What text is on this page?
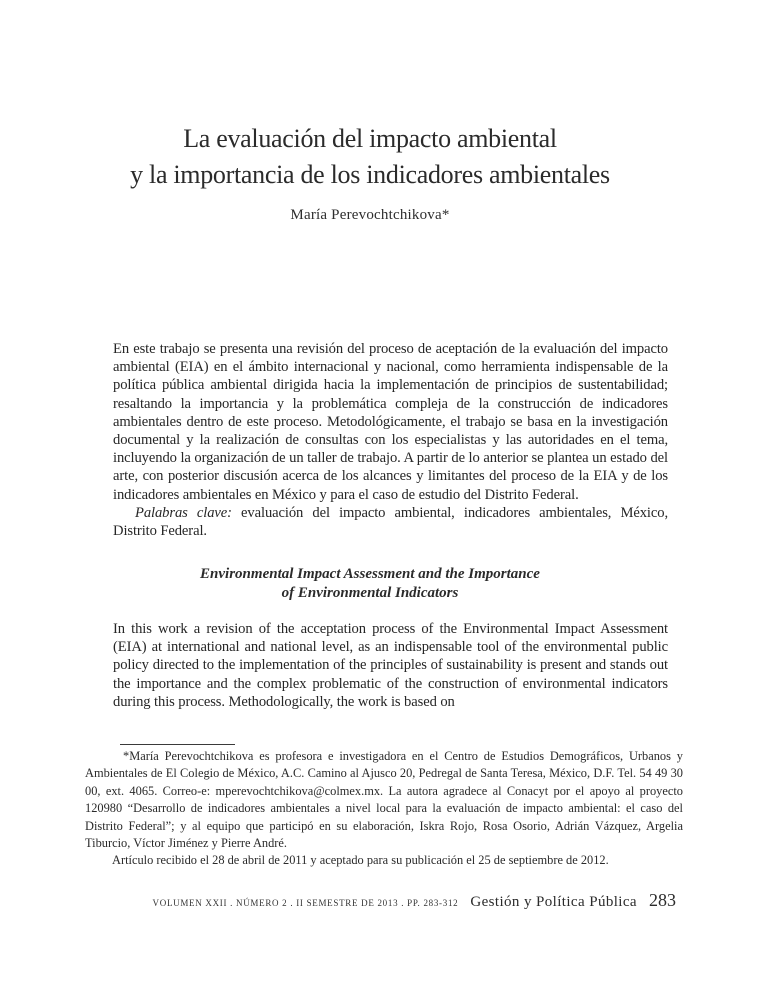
La evaluación del impacto ambiental
y la importancia de los indicadores ambientales
María Perevochtchikova*

En este trabajo se presenta una revisión del proceso de aceptación de la evaluación del impacto ambiental (EIA) en el ámbito internacional y nacional, como herramienta indispensable de la política pública ambiental dirigida hacia la implementación de principios de sustentabilidad; resaltando la importancia y la problemática compleja de la construcción de indicadores ambientales dentro de este proceso. Metodológicamente, el trabajo se basa en la investigación documental y la realización de consultas con los especialistas y las autoridades en el tema, incluyendo la organización de un taller de trabajo. A partir de lo anterior se plantea un estado del arte, con posterior discusión acerca de los alcances y limitantes del proceso de la EIA y de los indicadores ambientales en México y para el caso de estudio del Distrito Federal.

Palabras clave: evaluación del impacto ambiental, indicadores ambientales, México, Distrito Federal.

Environmental Impact Assessment and the Importance
of Environmental Indicators

In this work a revision of the acceptation process of the Environmental Impact Assessment (EIA) at international and national level, as an indispensable tool of the environmental public policy directed to the implementation of the principles of sustainability is present and stands out the importance and the complex problematic of the construction of environmental indicators during this process. Methodologically, the work is based on

*María Perevochtchikova es profesora e investigadora en el Centro de Estudios Demográficos, Urbanos y Ambientales de El Colegio de México, A.C. Camino al Ajusco 20, Pedregal de Santa Teresa, México, D.F. Tel. 54 49 30 00, ext. 4065. Correo-e: mperevochtchikova@colmex.mx. La autora agradece al Conacyt por el apoyo al proyecto 120980 “Desarrollo de indicadores ambientales a nivel local para la evaluación de impacto ambiental: el caso del Distrito Federal”; y al equipo que participó en su elaboración, Iskra Rojo, Rosa Osorio, Adrián Vázquez, Argelia Tiburcio, Víctor Jiménez y Pierre André.

Artículo recibido el 28 de abril de 2011 y aceptado para su publicación el 25 de septiembre de 2012.

VOLUMEN XXII . NÚMERO 2 . II SEMESTRE DE 2013 . PP. 283-312 Gestión y Política Pública 283
